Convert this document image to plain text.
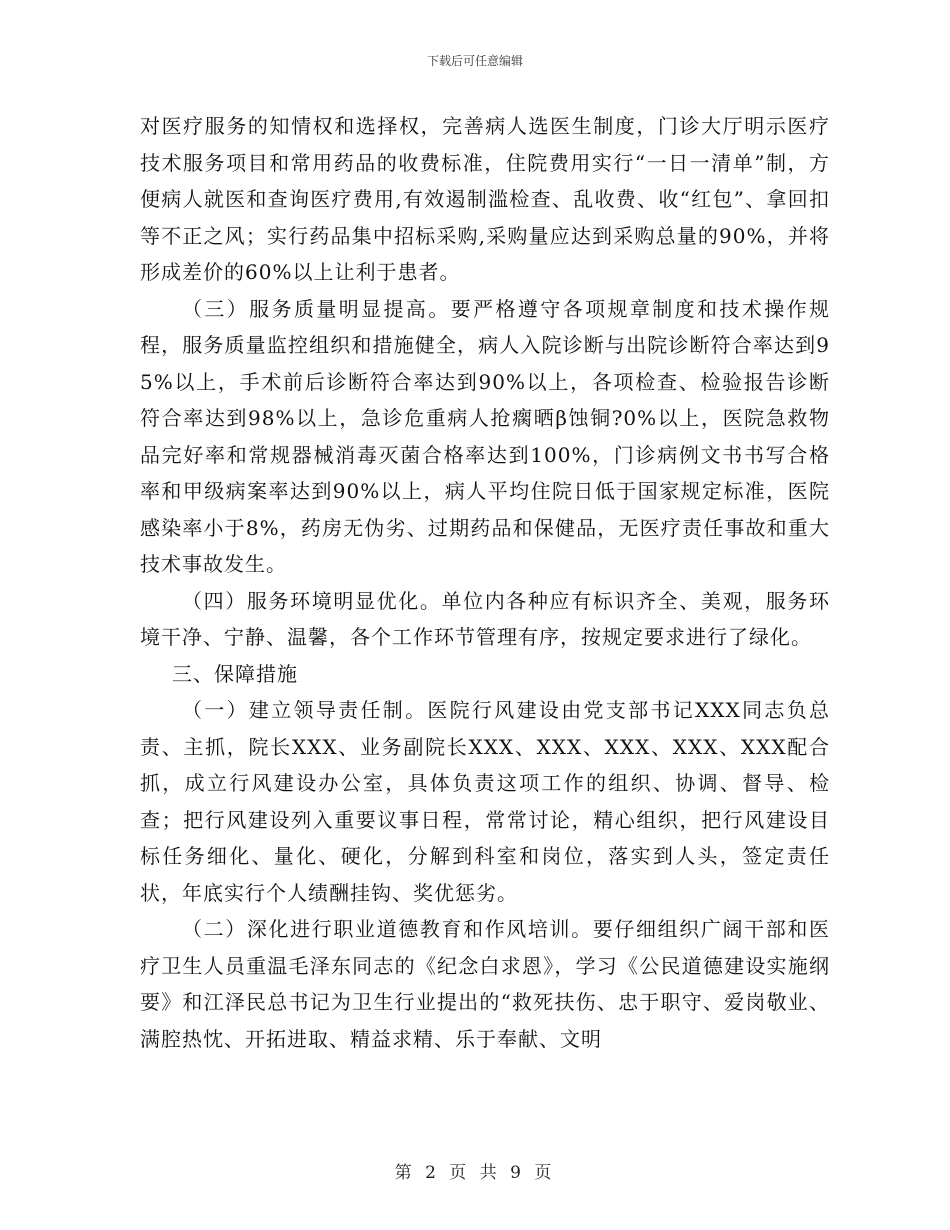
下载后可任意编辑

对医疗服务的知情权和选择权，完善病人选医生制度，门诊大厅明示医疗技术服务项目和常用药品的收费标准，住院费用实行“一日一清单”制，方便病人就医和查询医疗费用,有效遏制滥检查、乱收费、收“红包”、拿回扣等不正之风；实行药品集中招标采购,采购量应达到采购总量的90%，并将形成差价的60%以上让利于患者。

（三）服务质量明显提高。要严格遵守各项规章制度和技术操作规程，服务质量监控组织和措施健全，病人入院诊断与出院诊断符合率达到95%以上，手术前后诊断符合率达到90%以上，各项检查、检验报告诊断符合率达到98%以上，急诊危重病人抢瘸晒β蚀铜?0%以上，医院急救物品完好率和常规器械消毒灭菌合格率达到100%，门诊病例文书书写合格率和甲级病案率达到90%以上，病人平均住院日低于国家规定标准，医院感染率小于8%，药房无伪劣、过期药品和保健品，无医疗责任事故和重大技术事故发生。

（四）服务环境明显优化。单位内各种应有标识齐全、美观，服务环境干净、宁静、温馨，各个工作环节管理有序，按规定要求进行了绿化。

三、保障措施

（一）建立领导责任制。医院行风建设由党支部书记XXX同志负总责、主抓，院长XXX、业务副院长XXX、XXX、XXX、XXX、XXX配合抓，成立行风建设办公室，具体负责这项工作的组织、协调、督导、检查；把行风建设列入重要议事日程，常常讨论，精心组织，把行风建设目标任务细化、量化、硬化，分解到科室和岗位，落实到人头，签定责任状，年底实行个人绩酬挂钩、奖优惩劣。

（二）深化进行职业道德教育和作风培训。要仔细组织广阔干部和医疗卫生人员重温毛泽东同志的《纪念白求恩》，学习《公民道德建设实施纲要》和江泽民总书记为卫生行业提出的“救死扶伤、忠于职守、爱岗敬业、满腔热忱、开拓进取、精益求精、乐于奉献、文明

第 2 页 共 9 页
